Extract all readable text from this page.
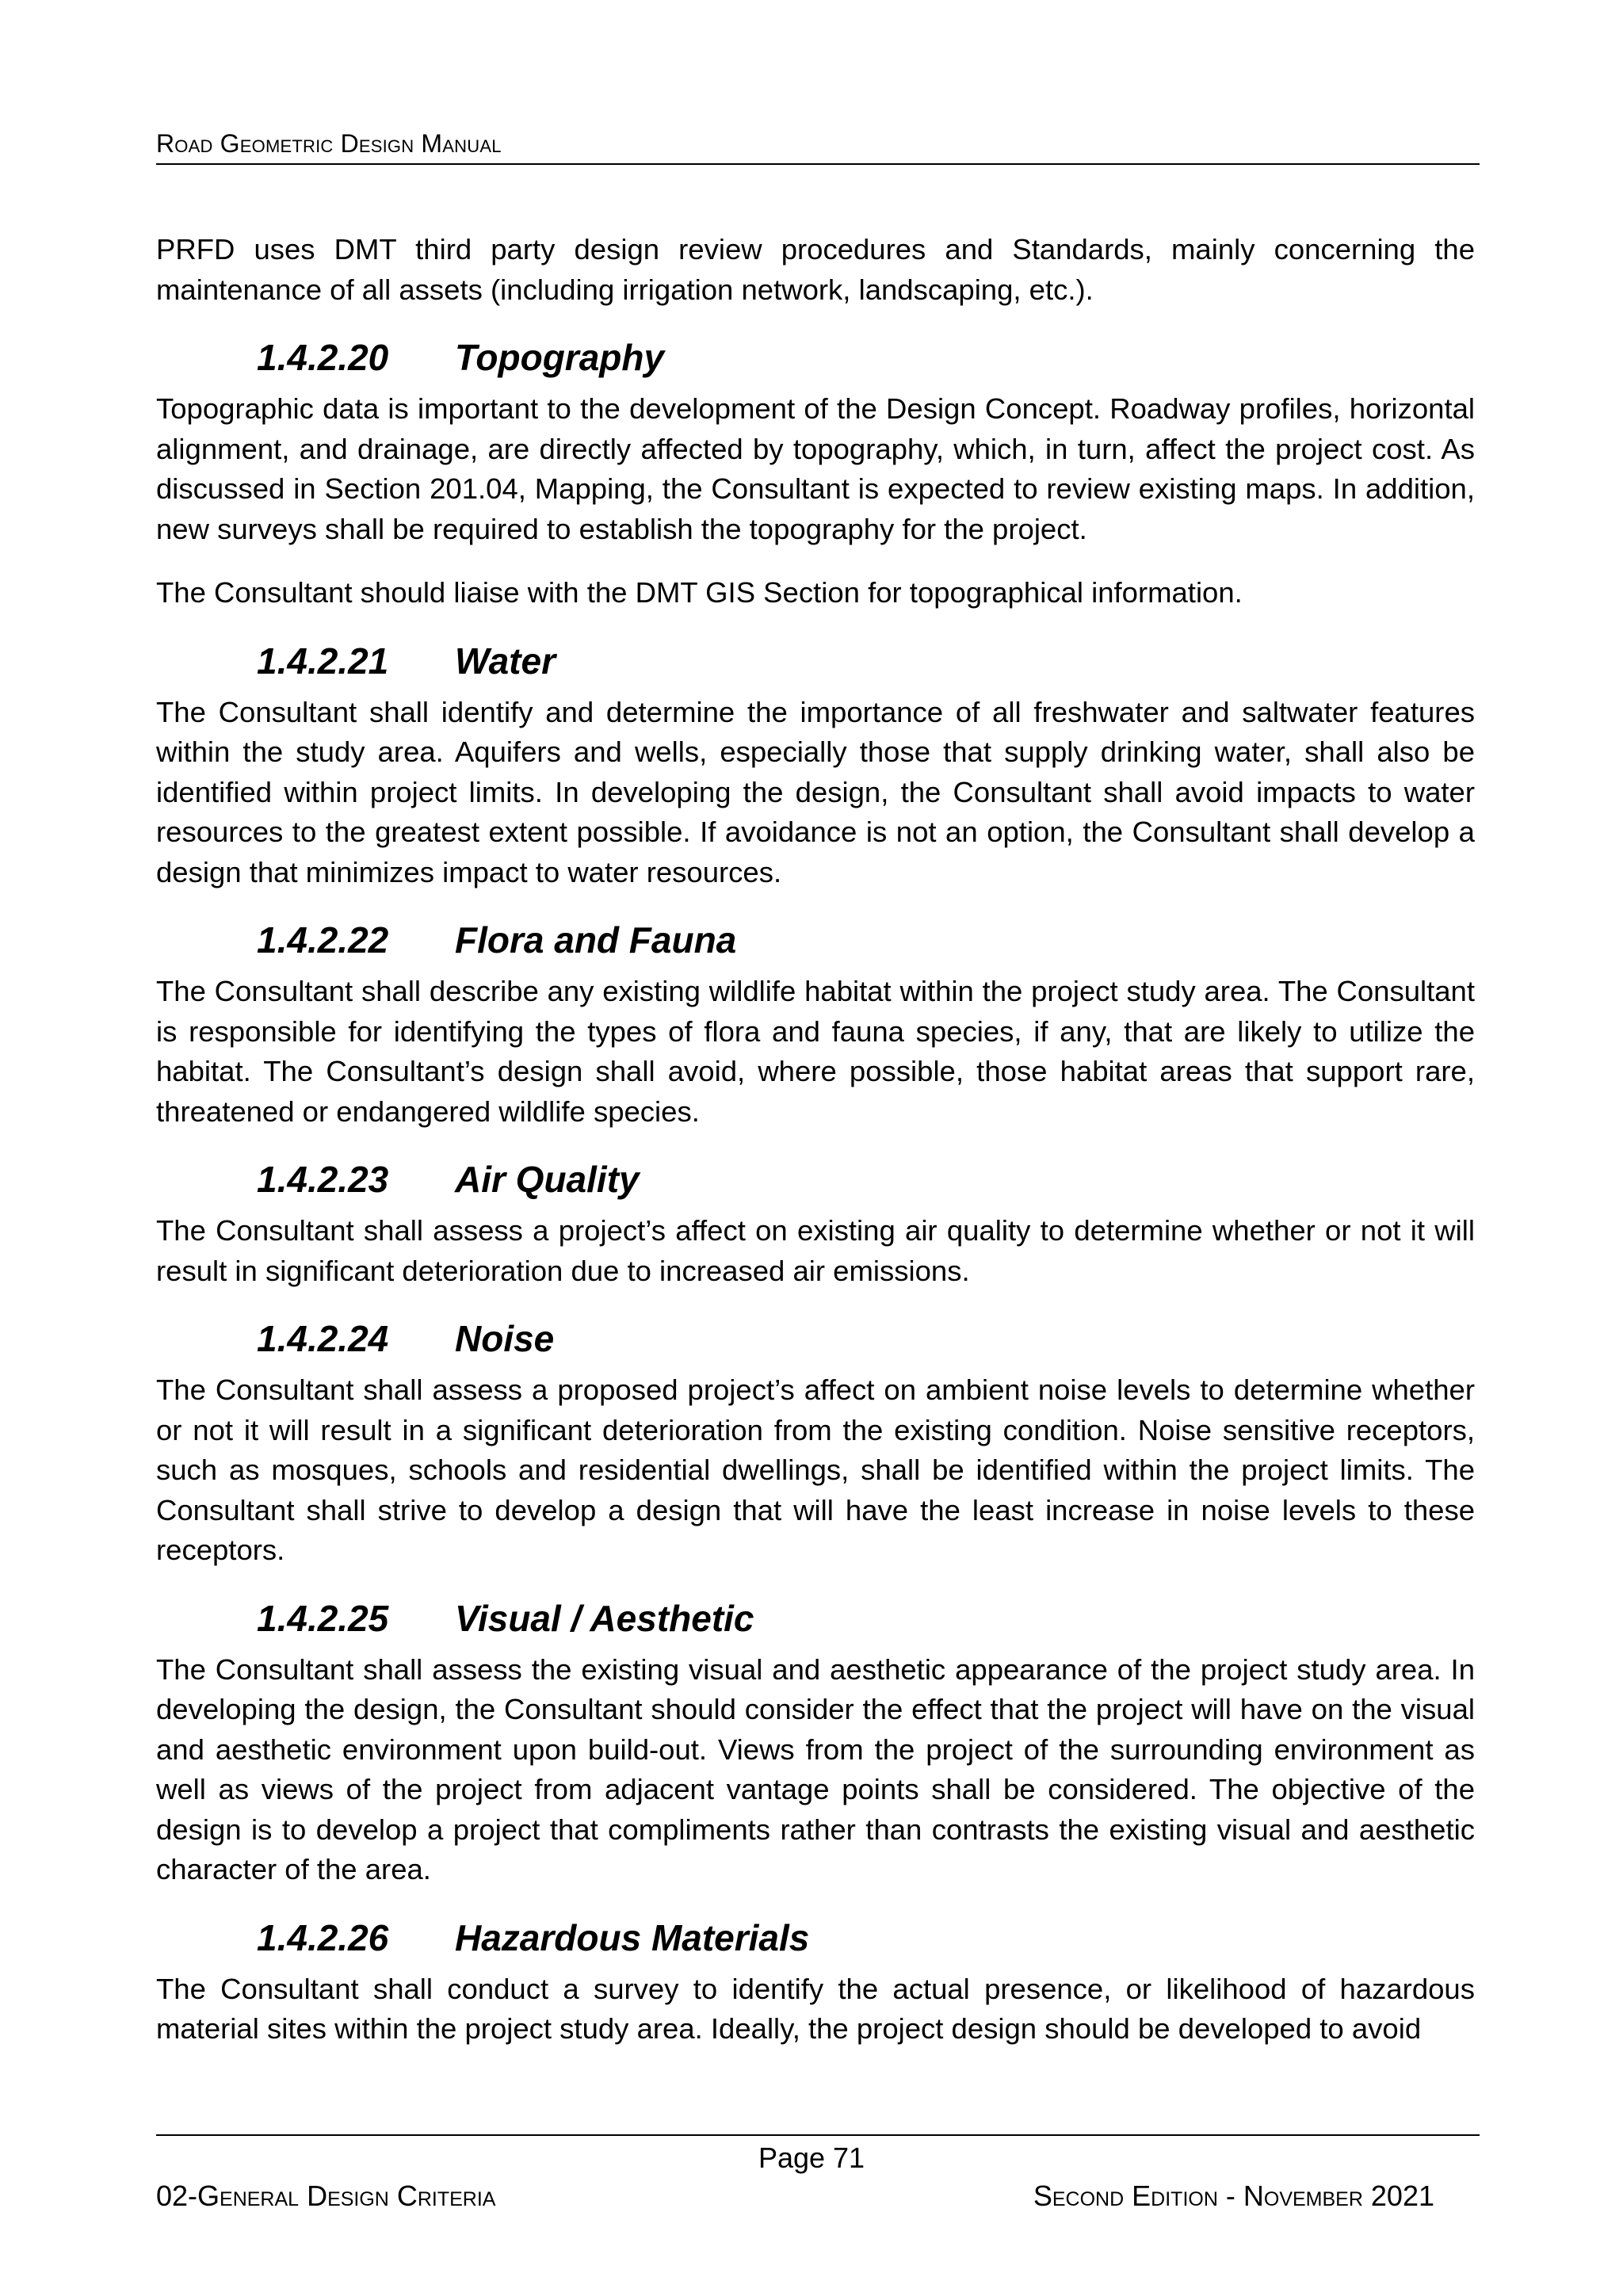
Road Geometric Design Manual

PRFD uses DMT third party design review procedures and Standards, mainly concerning the maintenance of all assets (including irrigation network, landscaping, etc.).

1.4.2.20 Topography

Topographic data is important to the development of the Design Concept. Roadway profiles, horizontal alignment, and drainage, are directly affected by topography, which, in turn, affect the project cost. As discussed in Section 201.04, Mapping, the Consultant is expected to review existing maps. In addition, new surveys shall be required to establish the topography for the project.

The Consultant should liaise with the DMT GIS Section for topographical information.

1.4.2.21 Water

The Consultant shall identify and determine the importance of all freshwater and saltwater features within the study area. Aquifers and wells, especially those that supply drinking water, shall also be identified within project limits. In developing the design, the Consultant shall avoid impacts to water resources to the greatest extent possible. If avoidance is not an option, the Consultant shall develop a design that minimizes impact to water resources.

1.4.2.22 Flora and Fauna

The Consultant shall describe any existing wildlife habitat within the project study area. The Consultant is responsible for identifying the types of flora and fauna species, if any, that are likely to utilize the habitat. The Consultant’s design shall avoid, where possible, those habitat areas that support rare, threatened or endangered wildlife species.

1.4.2.23 Air Quality

The Consultant shall assess a project’s affect on existing air quality to determine whether or not it will result in significant deterioration due to increased air emissions.

1.4.2.24 Noise

The Consultant shall assess a proposed project’s affect on ambient noise levels to determine whether or not it will result in a significant deterioration from the existing condition. Noise sensitive receptors, such as mosques, schools and residential dwellings, shall be identified within the project limits. The Consultant shall strive to develop a design that will have the least increase in noise levels to these receptors.

1.4.2.25 Visual / Aesthetic

The Consultant shall assess the existing visual and aesthetic appearance of the project study area. In developing the design, the Consultant should consider the effect that the project will have on the visual and aesthetic environment upon build-out. Views from the project of the surrounding environment as well as views of the project from adjacent vantage points shall be considered. The objective of the design is to develop a project that compliments rather than contrasts the existing visual and aesthetic character of the area.

1.4.2.26 Hazardous Materials

The Consultant shall conduct a survey to identify the actual presence, or likelihood of hazardous material sites within the project study area. Ideally, the project design should be developed to avoid

Page 71
02-General Design Criteria	Second Edition - November 2021
